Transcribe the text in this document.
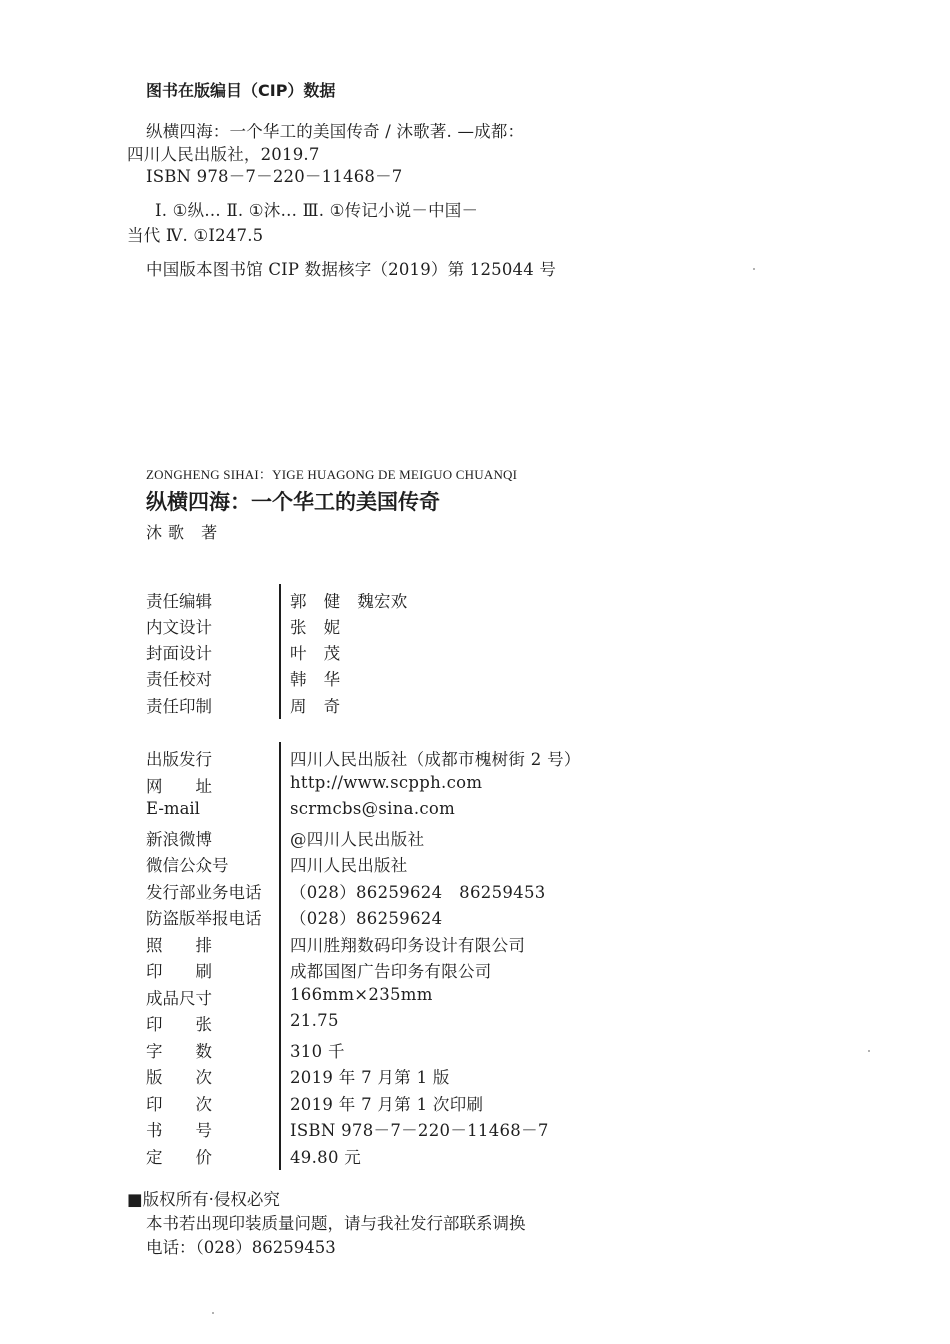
图书在版编目（CIP）数据
纵横四海：一个华工的美国传奇 / 沐歌著. —成都：
四川人民出版社，2019.7
ISBN 978－7－220－11468－7
Ⅰ. ①纵… Ⅱ. ①沐… Ⅲ. ①传记小说－中国－
当代 Ⅳ. ①I247.5
中国版本图书馆 CIP 数据核字（2019）第 125044 号
ZONGHENG SIHAI：YIGE HUAGONG DE MEIGUO CHUANQI
纵横四海：一个华工的美国传奇
沐歌 著
责任编辑	郭　健　魏宏欢
内文设计	张　妮
封面设计	叶　茂
责任校对	韩　华
责任印制	周　奇
出版发行	四川人民出版社（成都市槐树街 2 号）
网　　址	http://www.scpph.com
E-mail	scrmcbs@sina.com
新浪微博	@四川人民出版社
微信公众号	四川人民出版社
发行部业务电话	（028）86259624　86259453
防盗版举报电话	（028）86259624
照　　排	四川胜翔数码印务设计有限公司
印　　刷	成都国图广告印务有限公司
成品尺寸	166mm×235mm
印　　张	21.75
字　　数	310 千
版　　次	2019 年 7 月第 1 版
印　　次	2019 年 7 月第 1 次印刷
书　　号	ISBN 978－7－220－11468－7
定　　价	49.80 元
■版权所有·侵权必究
本书若出现印装质量问题，请与我社发行部联系调换
电话：（028）86259453
